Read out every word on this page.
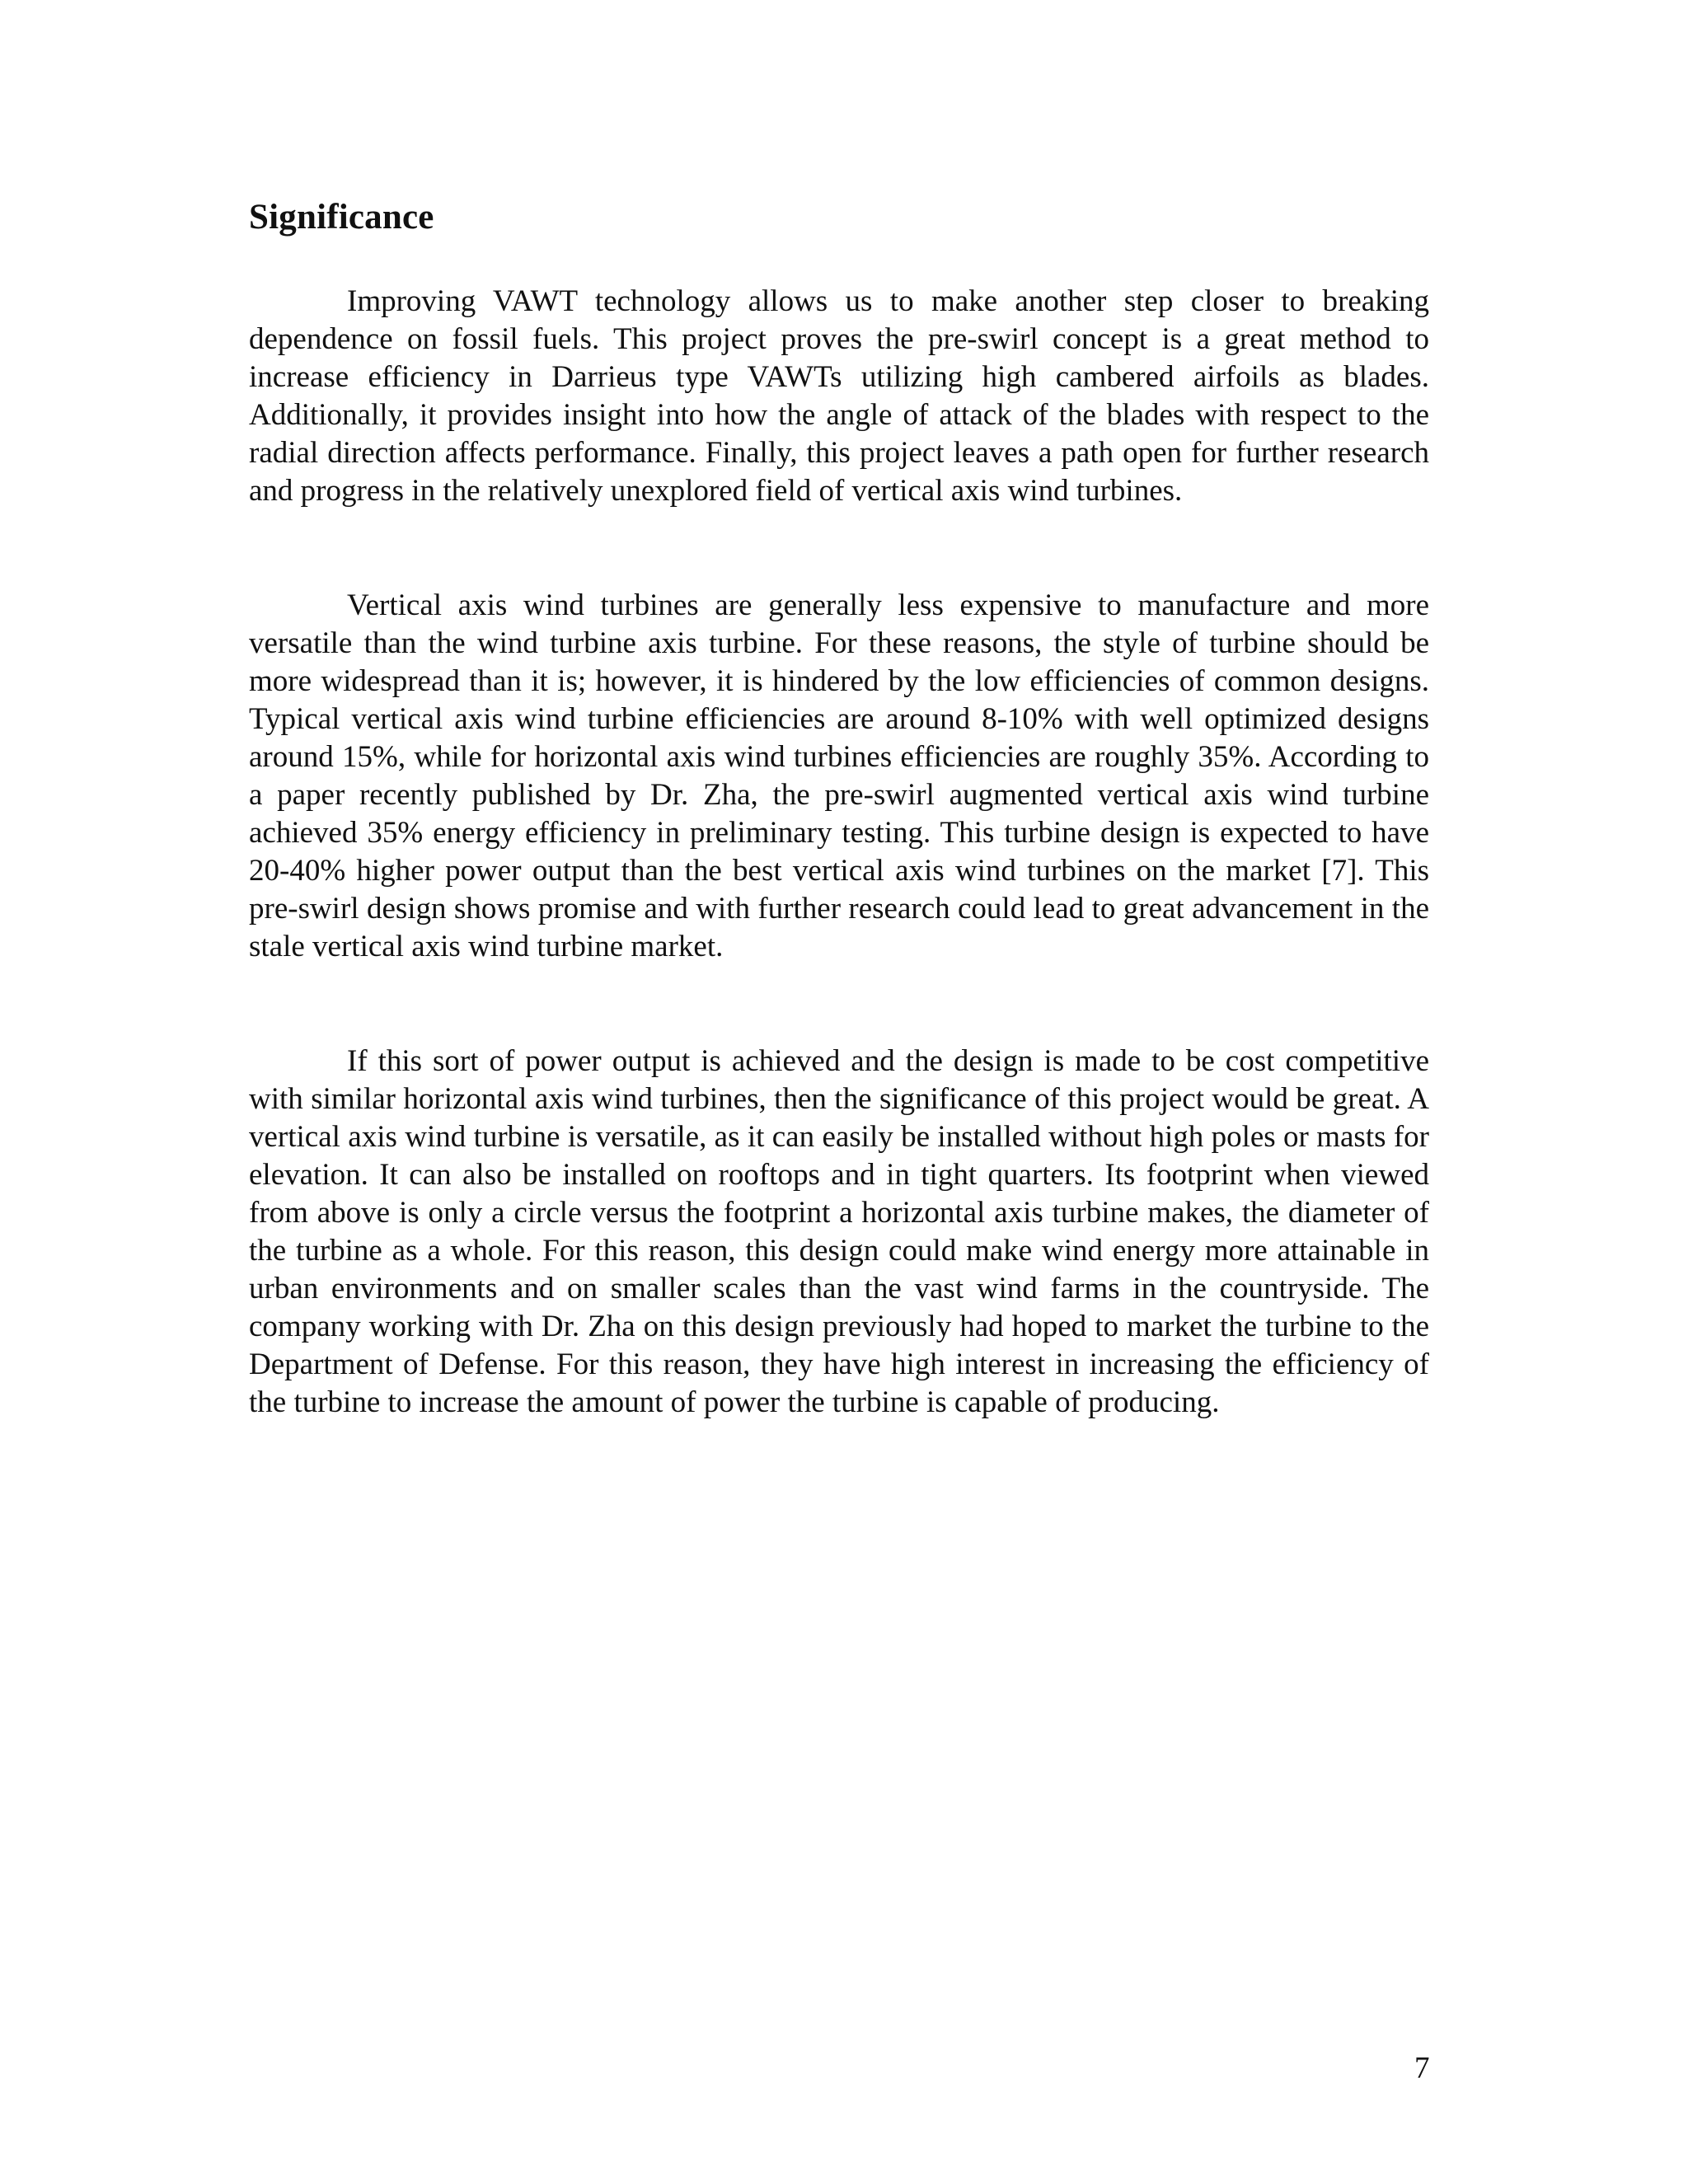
Significance

Improving VAWT technology allows us to make another step closer to breaking dependence on fossil fuels. This project proves the pre-swirl concept is a great method to increase efficiency in Darrieus type VAWTs utilizing high cambered airfoils as blades. Additionally, it provides insight into how the angle of attack of the blades with respect to the radial direction affects performance. Finally, this project leaves a path open for further research and progress in the relatively unexplored field of vertical axis wind turbines.

Vertical axis wind turbines are generally less expensive to manufacture and more versatile than the wind turbine axis turbine. For these reasons, the style of turbine should be more widespread than it is; however, it is hindered by the low efficiencies of common designs. Typical vertical axis wind turbine efficiencies are around 8-10% with well optimized designs around 15%, while for horizontal axis wind turbines efficiencies are roughly 35%. According to a paper recently published by Dr. Zha, the pre-swirl augmented vertical axis wind turbine achieved 35% energy efficiency in preliminary testing. This turbine design is expected to have 20-40% higher power output than the best vertical axis wind turbines on the market [7]. This pre-swirl design shows promise and with further research could lead to great advancement in the stale vertical axis wind turbine market.

If this sort of power output is achieved and the design is made to be cost competitive with similar horizontal axis wind turbines, then the significance of this project would be great. A vertical axis wind turbine is versatile, as it can easily be installed without high poles or masts for elevation. It can also be installed on rooftops and in tight quarters. Its footprint when viewed from above is only a circle versus the footprint a horizontal axis turbine makes, the diameter of the turbine as a whole. For this reason, this design could make wind energy more attainable in urban environments and on smaller scales than the vast wind farms in the countryside. The company working with Dr. Zha on this design previously had hoped to market the turbine to the Department of Defense. For this reason, they have high interest in increasing the efficiency of the turbine to increase the amount of power the turbine is capable of producing.

7
